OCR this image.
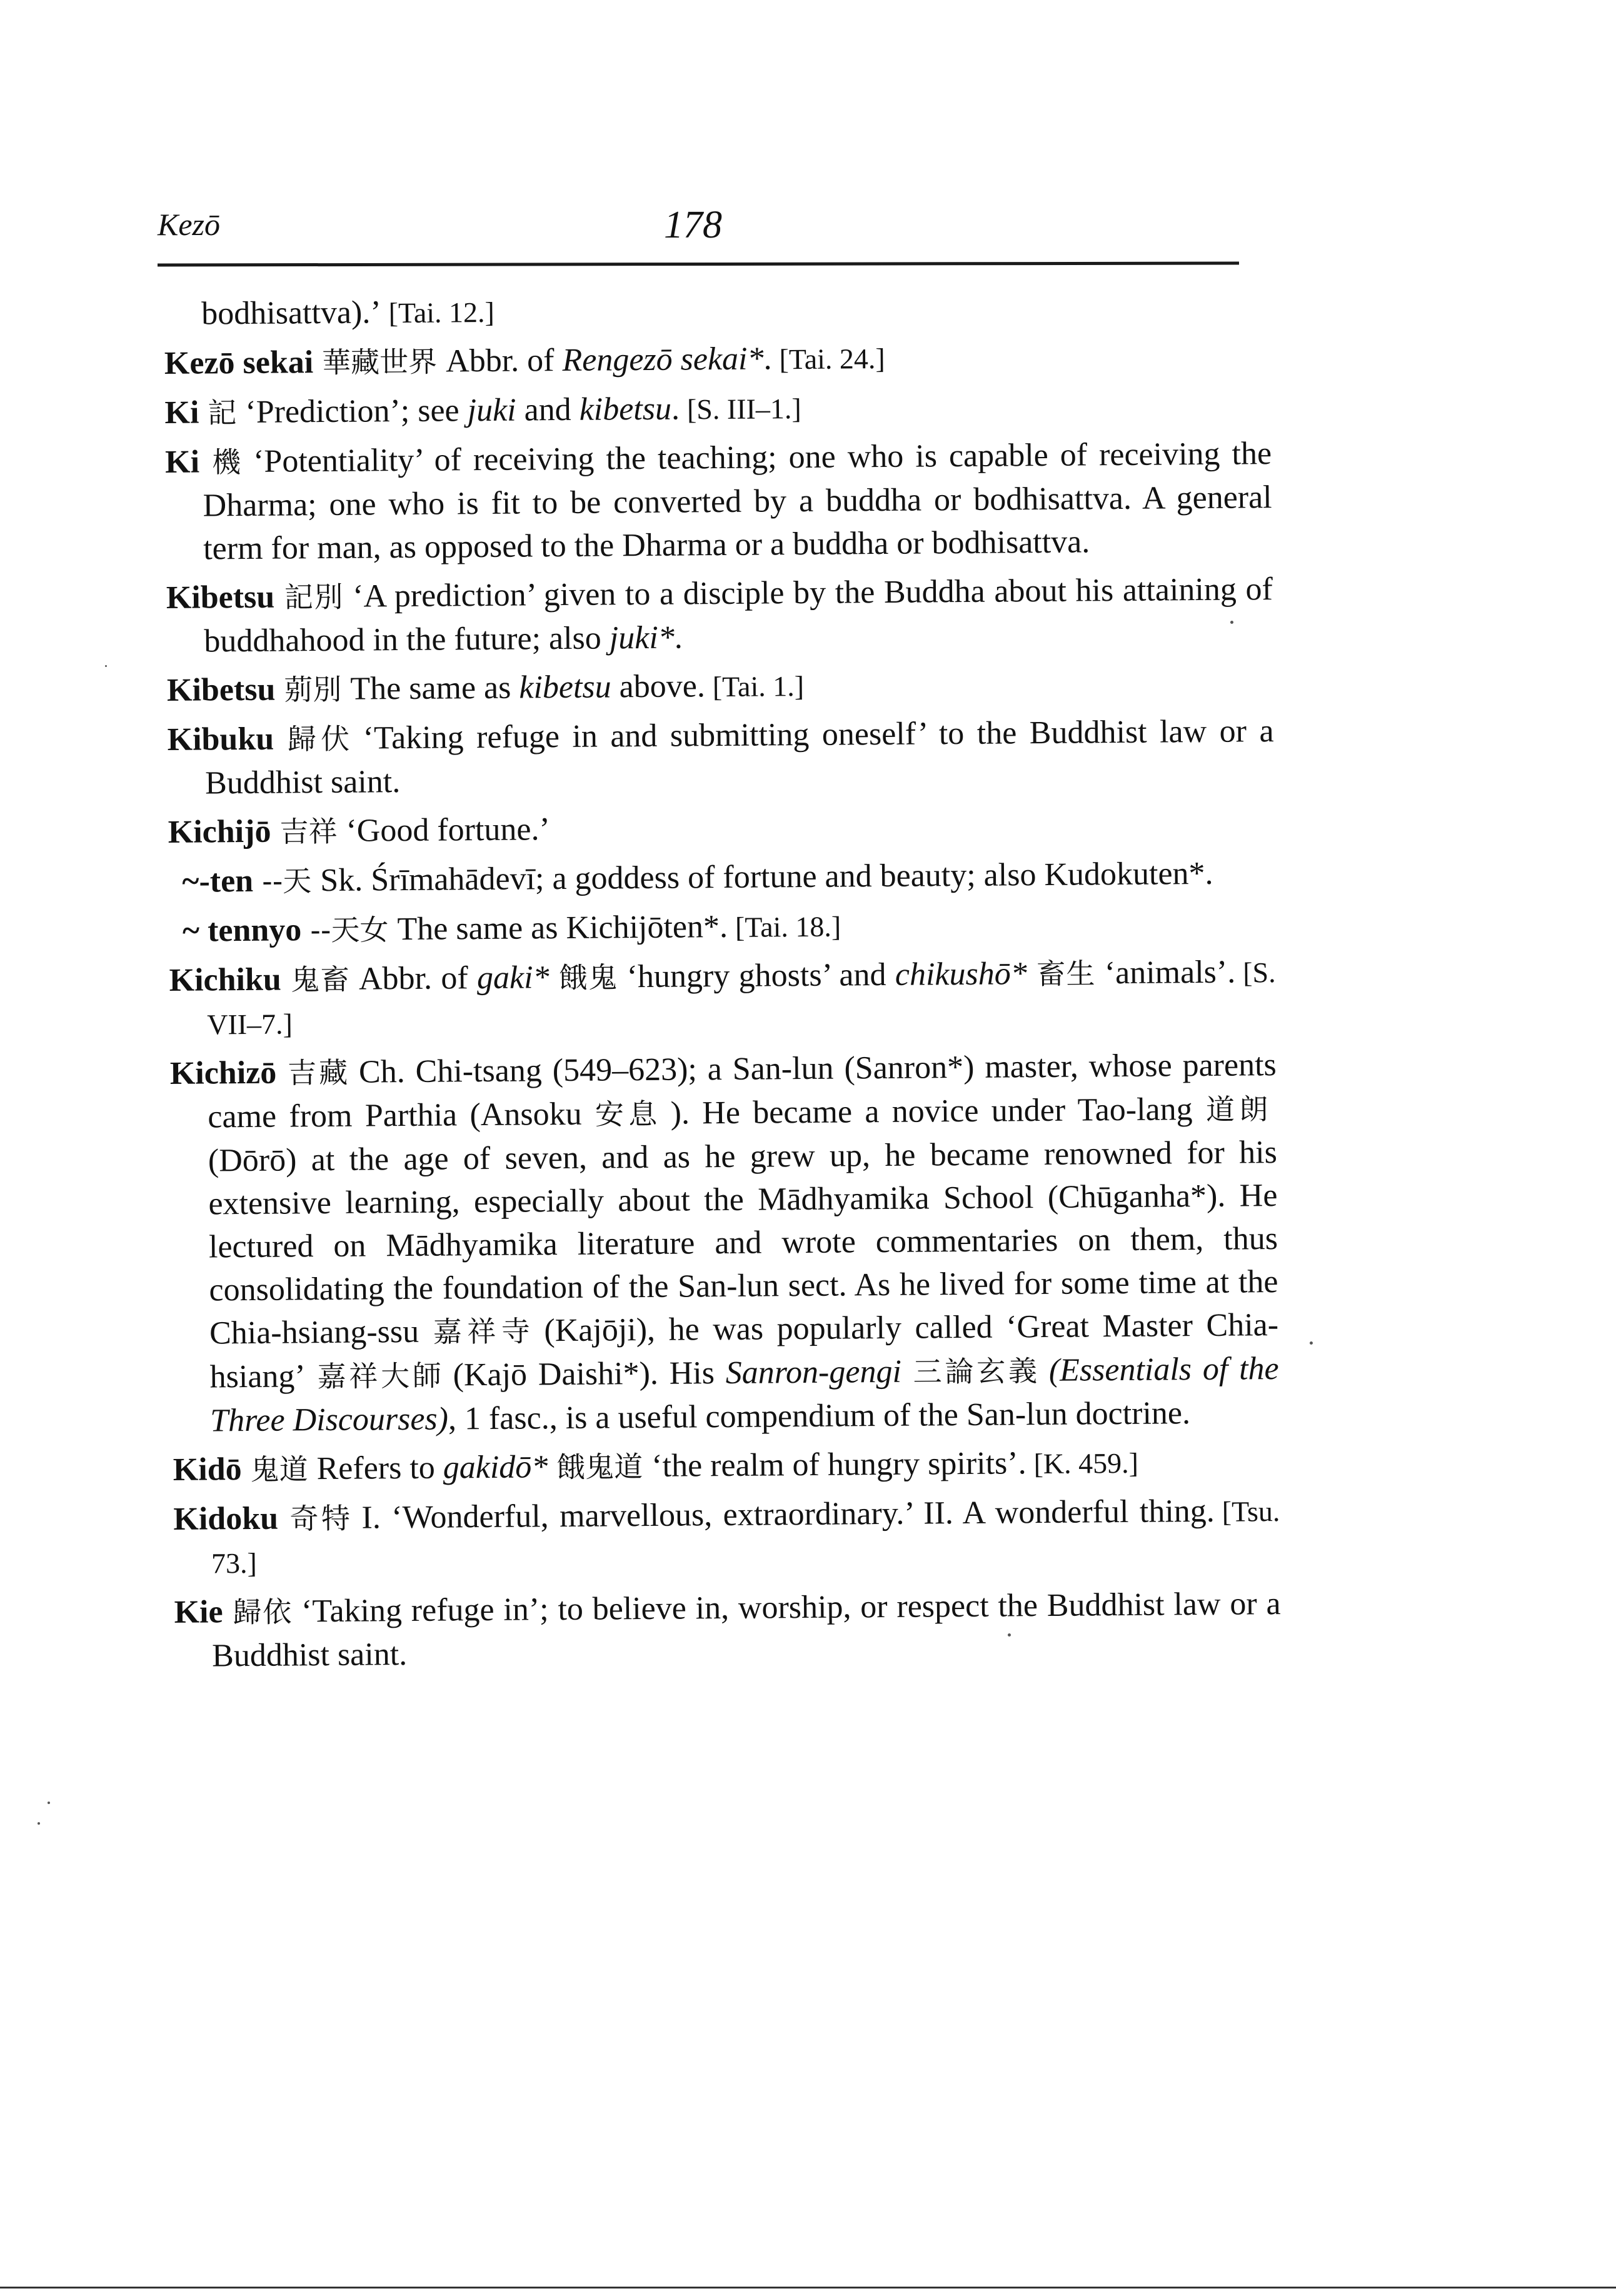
Kezō	178

bodhisattva).’ [Tai. 12.]

Kezō sekai 華藏世界 Abbr. of Rengezō sekai*. [Tai. 24.]

Ki 記 ‘Prediction’; see juki and kibetsu. [S. III–1.]

Ki 機 ‘Potentiality’ of receiving the teaching; one who is capable of receiving the Dharma; one who is fit to be converted by a buddha or bodhisattva. A general term for man, as opposed to the Dharma or a buddha or bodhisattva.

Kibetsu 記別 ‘A prediction’ given to a disciple by the Buddha about his attaining of buddhahood in the future; also juki*.

Kibetsu 莂別 The same as kibetsu above. [Tai. 1.]

Kibuku 歸伏 ‘Taking refuge in and submitting oneself’ to the Buddhist law or a Buddhist saint.

Kichijō 吉祥 ‘Good fortune.’

~-ten --天 Sk. Śrīmahādevī; a goddess of fortune and beauty; also Kudokuten*.

~ tennyo --天女 The same as Kichijōten*. [Tai. 18.]

Kichiku 鬼畜 Abbr. of gaki* 餓鬼 ‘hungry ghosts’ and chikushō* 畜生 ‘animals’. [S. VII–7.]

Kichizō 吉藏 Ch. Chi-tsang (549–623); a San-lun (Sanron*) master, whose parents came from Parthia (Ansoku 安息 ). He became a novice under Tao-lang 道朗(Dōrō) at the age of seven, and as he grew up, he became renowned for his extensive learning, especially about the Mādhyamika School (Chūganha*). He lectured on Mādhyamika literature and wrote commentaries on them, thus consolidating the foundation of the San-lun sect. As he lived for some time at the Chia-hsiang-ssu 嘉祥寺 (Kajōji), he was popularly called ‘Great Master Chia-hsiang’ 嘉祥大師 (Kajō Daishi*). His Sanron-gengi 三論玄義 (Essentials of the Three Discourses), 1 fasc., is a useful compendium of the San-lun doctrine.

Kidō 鬼道 Refers to gakidō* 餓鬼道 ‘the realm of hungry spirits’. [K. 459.]

Kidoku 奇特 I. ‘Wonderful, marvellous, extraordinary.’ II. A wonderful thing. [Tsu. 73.]

Kie 歸依 ‘Taking refuge in’; to believe in, worship, or respect the Buddhist law or a Buddhist saint.
